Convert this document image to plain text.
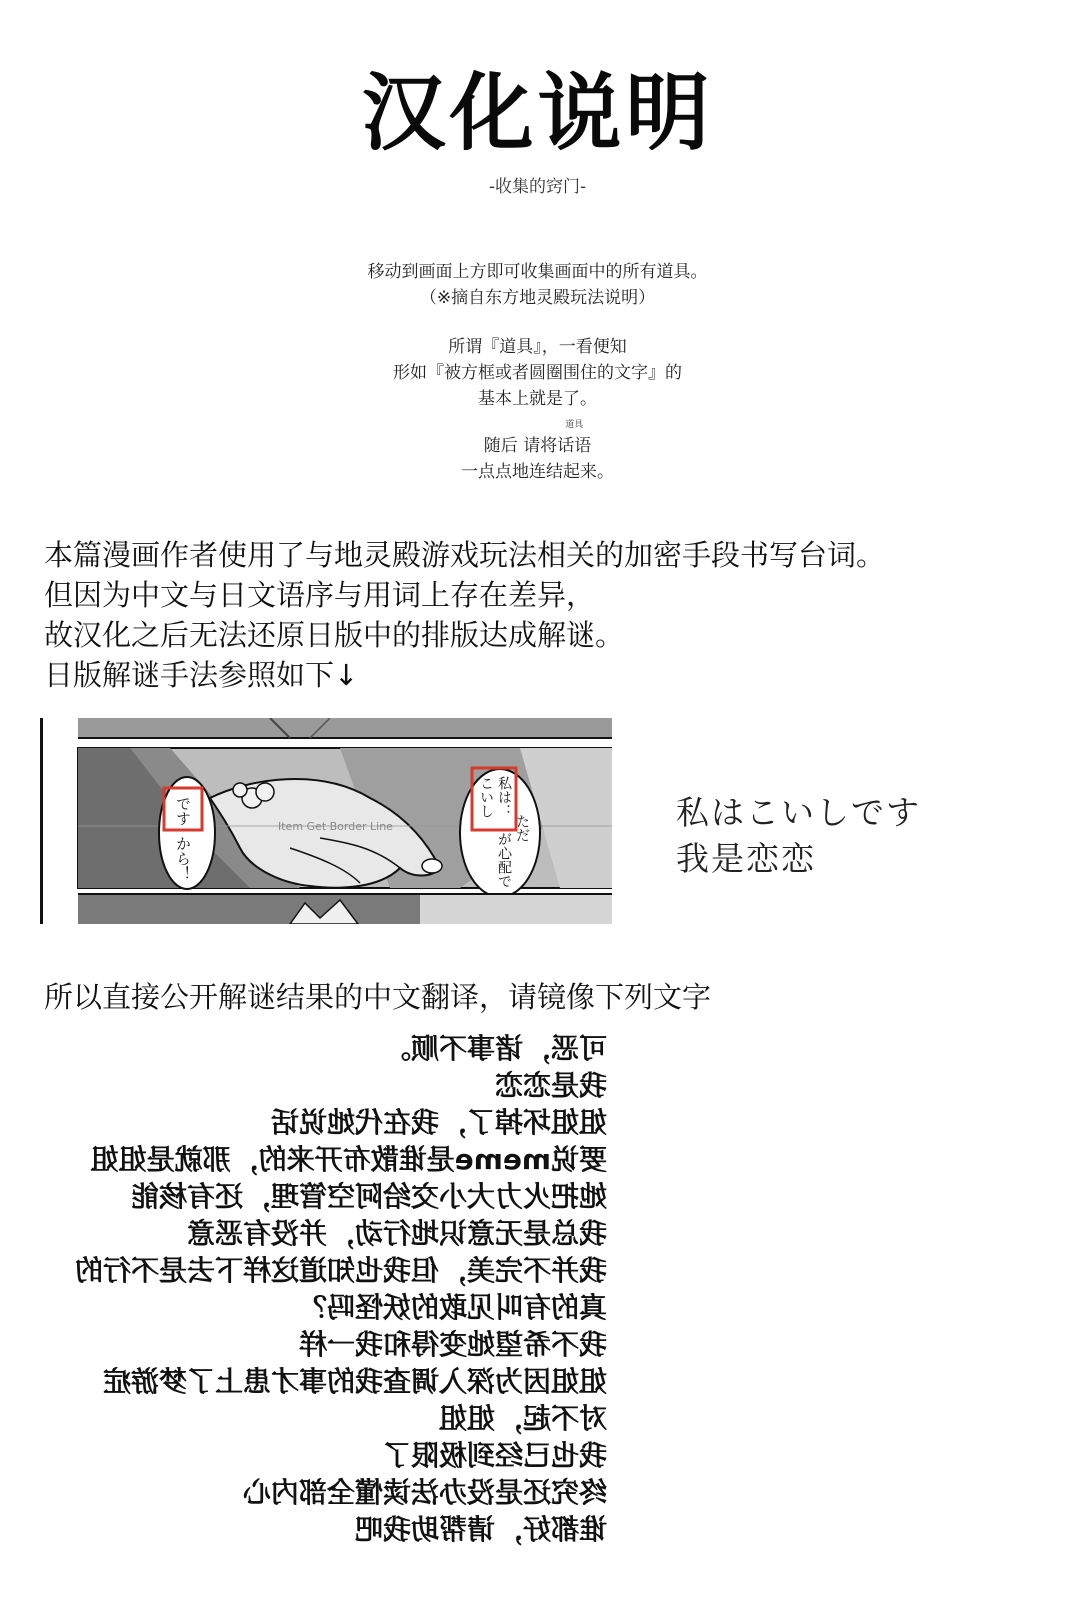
汉化说明
-收集的窍门-
移动到画面上方即可收集画面中的所有道具。
（※摘自东方地灵殿玩法说明）
所谓『道具』，一看便知
形如『被方框或者圆圈围住的文字』的
基本上就是了。
随后 请将
道具
话语
一点点地连结起来。
本篇漫画作者使用了与地灵殿游戏玩法相关的加密手段书写台词。
但因为中文与日文语序与用词上存在差异，
故汉化之后无法还原日版中的排版达成解谜。
日版解谜手法参照如下↓
Item Get Border Line
です
から！
私は：
こいし
ただ
が心配で
私はこいしです
我是恋恋
所以直接公开解谜结果的中文翻译，请镜像下列文字
可恶，诸事不顺。
我是恋恋
姐姐坏掉了，我在代她说话
要说meme是谁散布开来的，那就是姐姐
她把火力大小交给阿空管理，还有核能
我总是无意识地行动，并没有恶意
我并不完美，但我也知道这样下去是不行的
真的有叫见敢的妖怪吗？
我不希望她变得和我一样
姐姐因为深入调查我的事才患上了梦游症
对不起，姐姐
我也已经到极限了
终究还是没办法读懂全部内心
谁都好，请帮助我吧
